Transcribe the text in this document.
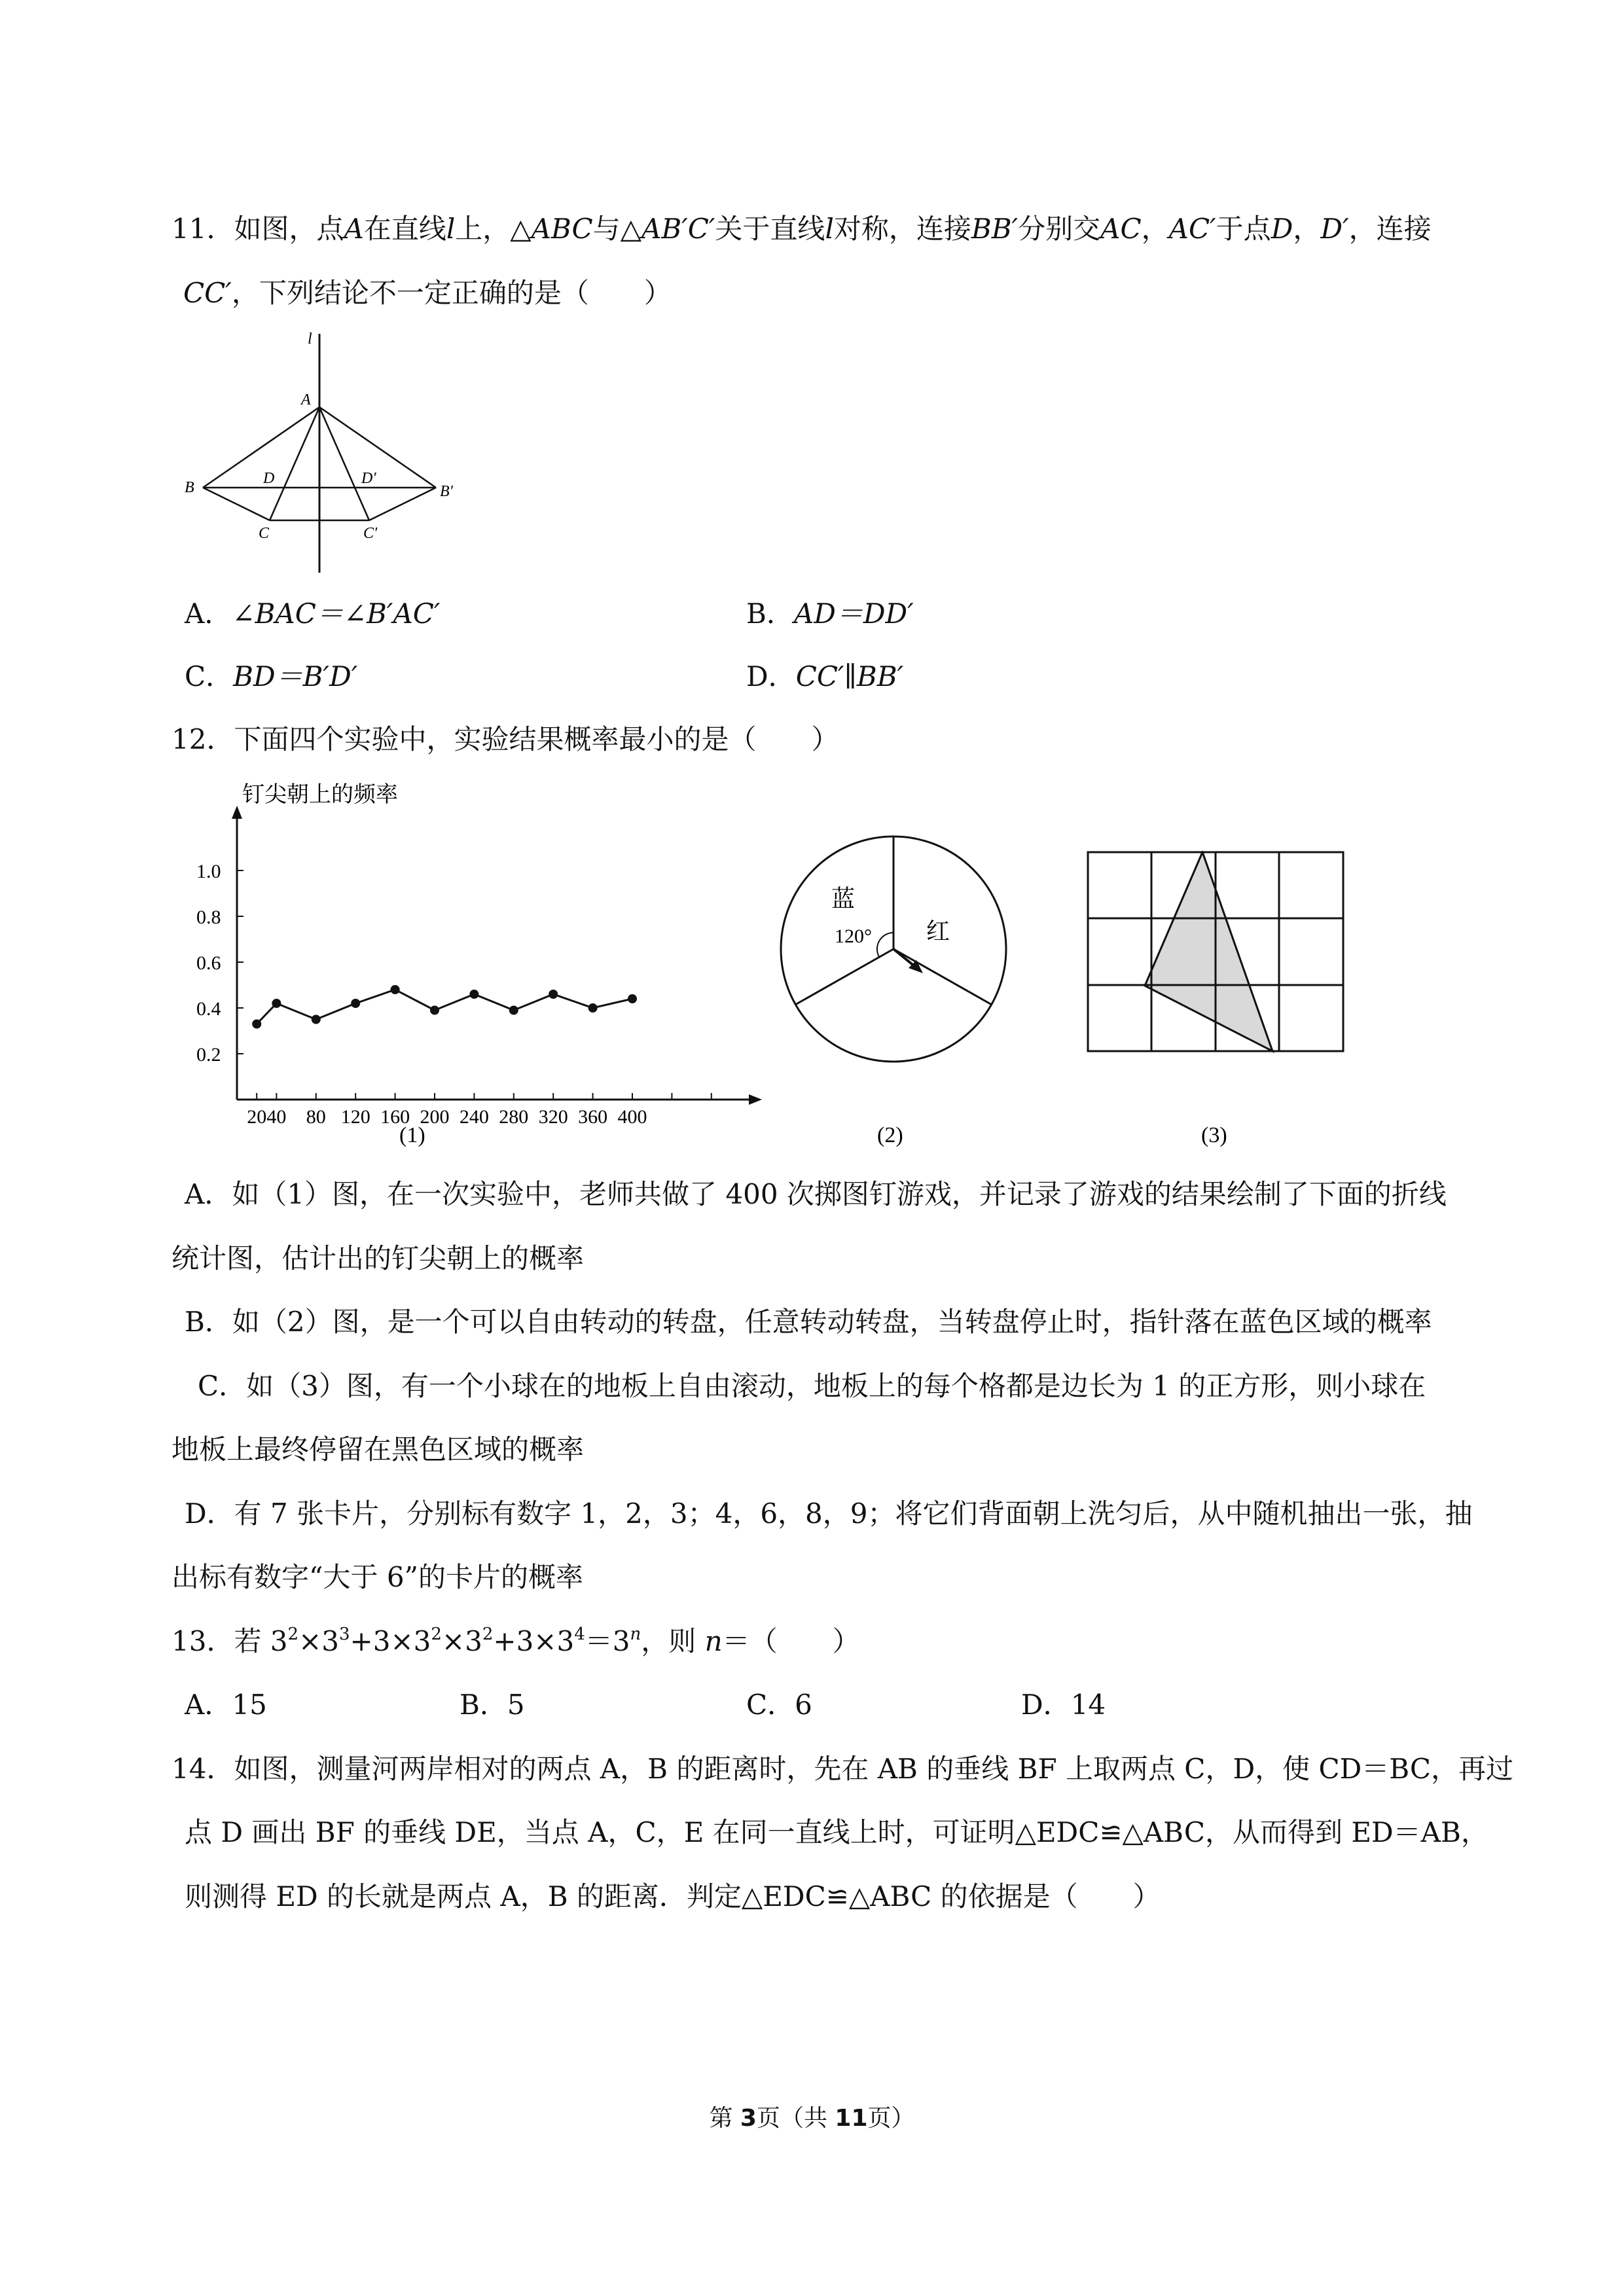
11．如图，点A在直线l上，△ABC与△AB′C′关于直线l对称，连接BB′分别交AC，AC′于点D，D′，连接
CC′，下列结论不一定正确的是（　　）
l
A
B	B′
D	D′
C	C′
A．∠BAC＝∠B′AC′	B．AD＝DD′
C．BD＝B′D′	D．CC′∥BB′
12．下面四个实验中，实验结果概率最小的是（　　）
钉尖朝上的频率
0.2
0.4
0.6
0.8
1.0
20 40 80 120 160 200 240 280 320 360 400
(1)
蓝
120° 红
(2)	(3)
A．如（1）图，在一次实验中，老师共做了 400 次掷图钉游戏，并记录了游戏的结果绘制了下面的折线
统计图，估计出的钉尖朝上的概率
B．如（2）图，是一个可以自由转动的转盘，任意转动转盘，当转盘停止时，指针落在蓝色区域的概率
C．如（3）图，有一个小球在的地板上自由滚动，地板上的每个格都是边长为 1 的正方形，则小球在
地板上最终停留在黑色区域的概率
D．有 7 张卡片，分别标有数字 1，2，3；4，6，8，9；将它们背面朝上洗匀后，从中随机抽出一张，抽
出标有数字“大于 6”的卡片的概率
13．若 $3^2\times 3^3+3\times 3^2\times 3^2+3\times 3^4=3^n$，则 n＝（　　）
A．15	B．5	C．6	D．14
14．如图，测量河两岸相对的两点 A，B 的距离时，先在 AB 的垂线 BF 上取两点 C，D，使 CD＝BC，再过
点 D 画出 BF 的垂线 DE，当点 A，C，E 在同一直线上时，可证明△EDC≌△ABC，从而得到 ED＝AB，
则测得 ED 的长就是两点 A，B 的距离．判定△EDC≌△ABC 的依据是（　　）
第 3页（共 11页）
